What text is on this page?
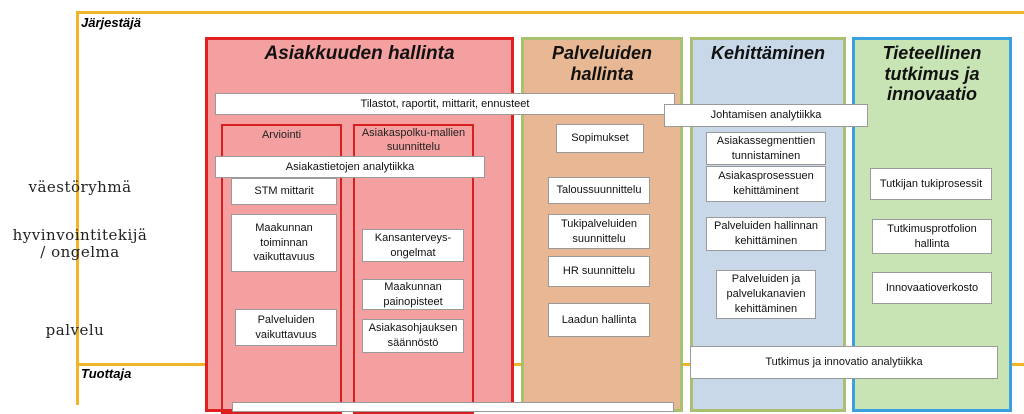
Järjestäjä
Tuottaja
väestöryhmä
hyvinvointitekijä
/ ongelma
palvelu
Asiakkuuden hallinta	Palveluiden
hallinta
Kehittäminen	Tieteellinen
tutkimus ja
innovaatio
Arviointi	Asiakaspolku-mallien
suunnittelu
Tilastot, raportit, mittarit, ennusteet
Johtamisen analytiikka
Asiakastietojen analytiikka
STM mittarit
Maakunnan
toiminnan
vaikuttavuus
Palveluiden
vaikuttavuus
Kansanterveys-
ongelmat
Maakunnan
painopisteet
Asiakasohjauksen
säännöstö
Sopimukset
Taloussuunnittelu
Tukipalveluiden
suunnittelu
HR suunnittelu
Laadun hallinta
Asiakassegmenttien
tunnistaminen
Asiakasprosessuen
kehittäminent
Palveluiden hallinnan
kehittäminen
Palveluiden ja
palvelukanavien
kehittäminen
Tutkijan tukiprosessit
Tutkimusprotfolion
hallinta
Innovaatioverkosto
Tutkimus ja innovatio analytiikka
